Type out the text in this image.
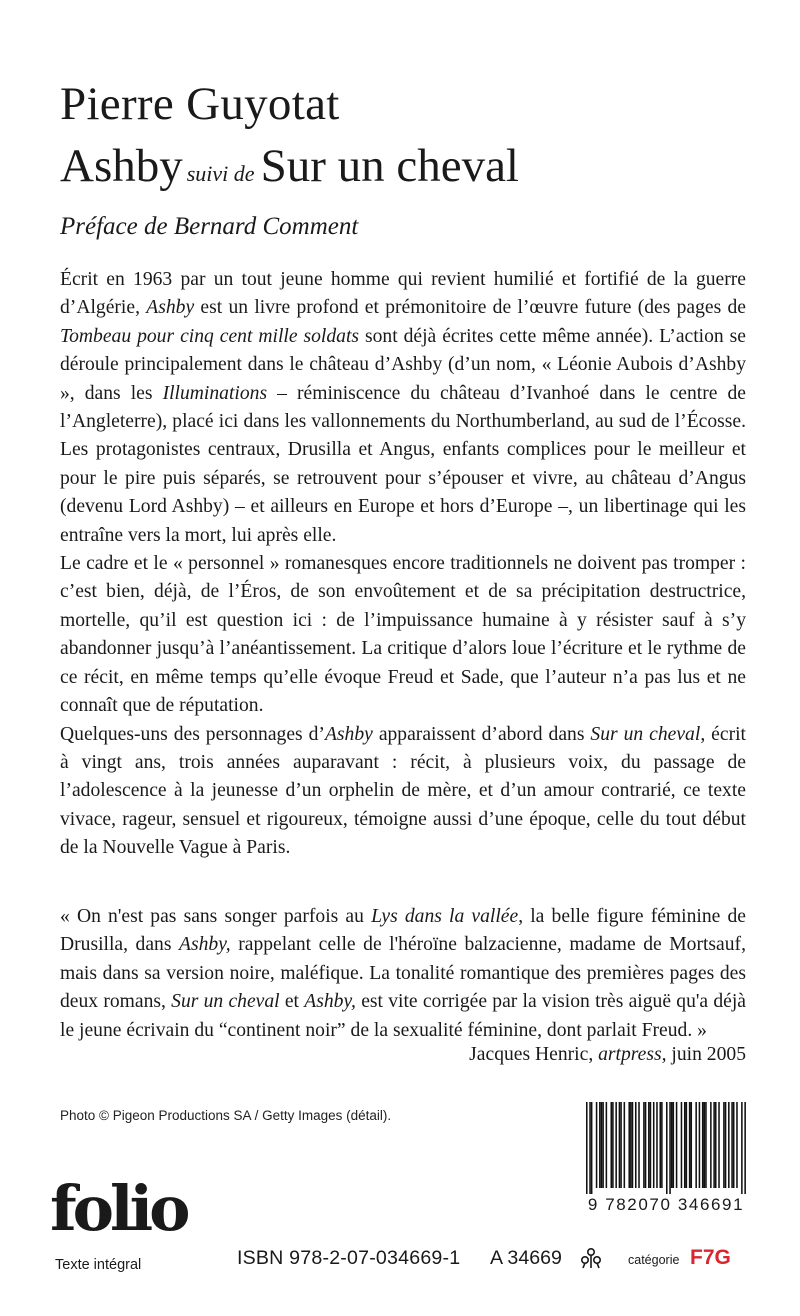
Pierre Guyotat
Ashby suivi de Sur un cheval
Préface de Bernard Comment

Écrit en 1963 par un tout jeune homme qui revient humilié et fortifié de la guerre d’Algérie, Ashby est un livre profond et prémonitoire de l’œuvre future (des pages de Tombeau pour cinq cent mille soldats sont déjà écrites cette même année). L’action se déroule principalement dans le château d’Ashby (d’un nom, « Léonie Aubois d’Ashby », dans les Illuminations – réminiscence du château d’Ivanhoé dans le centre de l’Angleterre), placé ici dans les vallonnements du Northumberland, au sud de l’Écosse. Les protagonistes centraux, Drusilla et Angus, enfants complices pour le meilleur et pour le pire puis séparés, se retrouvent pour s’épouser et vivre, au château d’Angus (devenu Lord Ashby) – et ailleurs en Europe et hors d’Europe –, un libertinage qui les entraîne vers la mort, lui après elle.

Le cadre et le « personnel » romanesques encore traditionnels ne doivent pas tromper : c’est bien, déjà, de l’Éros, de son envoûtement et de sa précipitation destructrice, mortelle, qu’il est question ici : de l’impuissance humaine à y résister sauf à s’y abandonner jusqu’à l’anéantissement. La critique d’alors loue l’écriture et le rythme de ce récit, en même temps qu’elle évoque Freud et Sade, que l’auteur n’a pas lus et ne connaît que de réputation.

Quelques-uns des personnages d’Ashby apparaissent d’abord dans Sur un cheval, écrit à vingt ans, trois années auparavant : récit, à plusieurs voix, du passage de l’adolescence à la jeunesse d’un orphelin de mère, et d’un amour contrarié, ce texte vivace, rageur, sensuel et rigoureux, témoigne aussi d’une époque, celle du tout début de la Nouvelle Vague à Paris.

« On n'est pas sans songer parfois au Lys dans la vallée, la belle figure féminine de Drusilla, dans Ashby, rappelant celle de l'héroïne balzacienne, madame de Mortsauf, mais dans sa version noire, maléfique. La tonalité romantique des premières pages des deux romans, Sur un cheval et Ashby, est vite corrigée par la vision très aiguë qu'a déjà le jeune écrivain du “continent noir” de la sexualité féminine, dont parlait Freud. »

Jacques Henric, artpress, juin 2005
Photo © Pigeon Productions SA / Getty Images (détail).
9 782070 346691
folio
Texte intégral	ISBN 978-2-07-034669-1 A 34669	catégorie F7G
